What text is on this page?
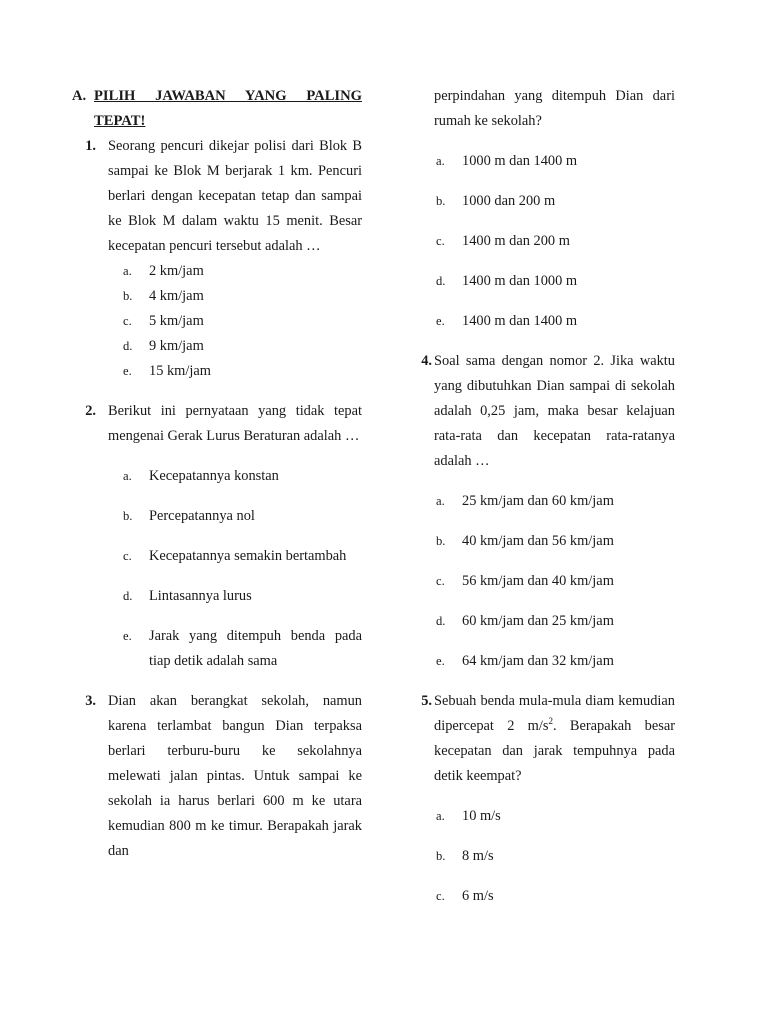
A. PILIH JAWABAN YANG PALING TEPAT!
1. Seorang pencuri dikejar polisi dari Blok B sampai ke Blok M berjarak 1 km. Pencuri berlari dengan kecepatan tetap dan sampai ke Blok M dalam waktu 15 menit. Besar kecepatan pencuri tersebut adalah …
a.	2 km/jam
b.	4 km/jam
c.	5 km/jam
d.	9 km/jam
e.	15 km/jam
2. Berikut ini pernyataan yang tidak tepat mengenai Gerak Lurus Beraturan adalah …
a.	Kecepatannya konstan
b.	Percepatannya nol
c.	Kecepatannya semakin bertambah
d.	Lintasannya lurus
e.	Jarak yang ditempuh benda pada tiap detik adalah sama
3. Dian akan berangkat sekolah, namun karena terlambat bangun Dian terpaksa berlari terburu-buru ke sekolahnya melewati jalan pintas. Untuk sampai ke sekolah ia harus berlari 600 m ke utara kemudian 800 m ke timur. Berapakah jarak dan
perpindahan yang ditempuh Dian dari rumah ke sekolah?
a.	1000 m dan 1400 m
b.	1000 dan 200 m
c.	1400 m dan 200 m
d.	1400 m dan 1000 m
e.	1400 m dan 1400 m
4. Soal sama dengan nomor 2. Jika waktu yang dibutuhkan Dian sampai di sekolah adalah 0,25 jam, maka besar kelajuan rata-rata dan kecepatan rata-ratanya adalah …
a.	25 km/jam dan 60 km/jam
b.	40 km/jam dan 56 km/jam
c.	56 km/jam dan 40 km/jam
d.	60 km/jam dan 25 km/jam
e.	64 km/jam dan 32 km/jam
5. Sebuah benda mula-mula diam kemudian dipercepat 2 $m/s^2$. Berapakah besar kecepatan dan jarak tempuhnya pada detik keempat?
a.	10 m/s
b.	8 m/s
c.	6 m/s
